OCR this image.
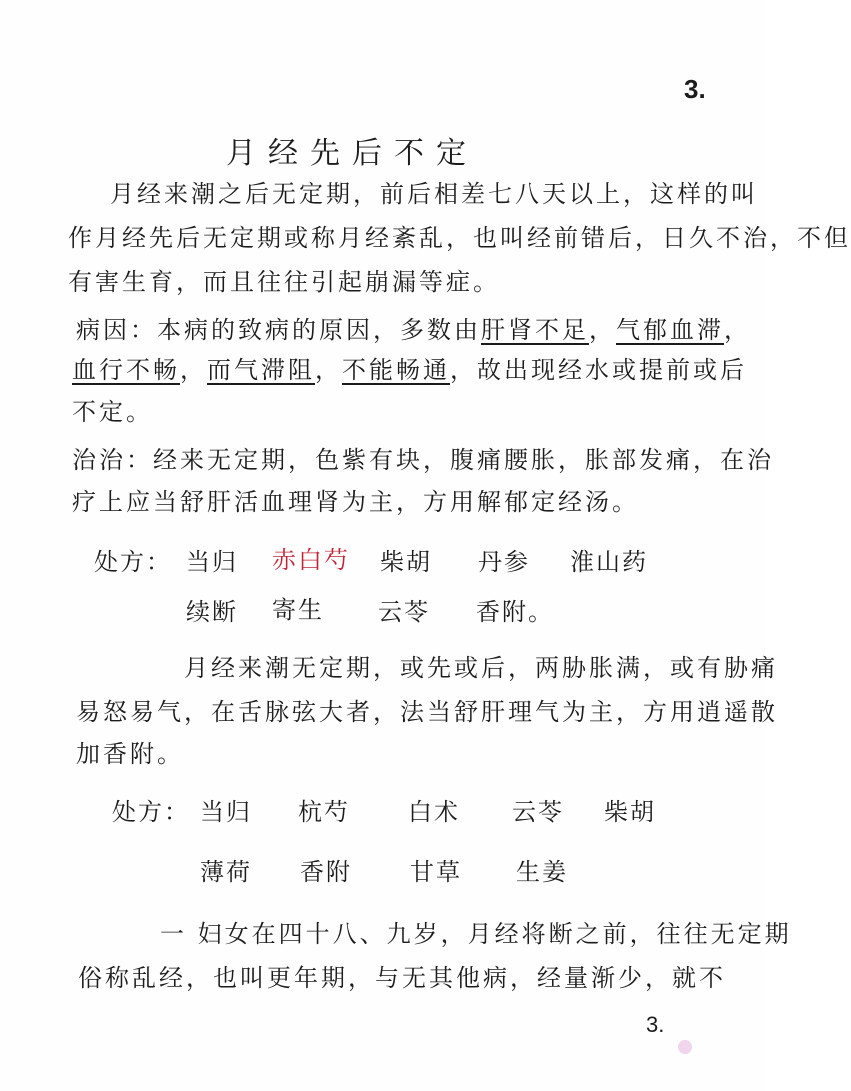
3.
月经先后不定
月经来潮之后无定期，前后相差七八天以上，这样的叫
作月经先后无定期或称月经紊乱，也叫经前错后，日久不治，不但
有害生育，而且往往引起崩漏等症。
病因：本病的致病的原因，多数由肝肾不足，气郁血滞，
血行不畅，而气滞阻，不能畅通，故出现经水或提前或后
不定。
治治：经来无定期，色紫有块，腹痛腰胀，胀部发痛，在治
疗上应当舒肝活血理肾为主，方用解郁定经汤。
处方： 当归 赤白芍 柴胡 丹参 淮山药
续断 寄生 云苓 香附。
月经来潮无定期，或先或后，两胁胀满，或有胁痛
易怒易气，在舌脉弦大者，法当舒肝理气为主，方用逍遥散
加香附。
处方： 当归 杭芍 白术 云苓 柴胡
薄荷 香附 甘草 生姜
一 妇女在四十八、九岁，月经将断之前，往往无定期
俗称乱经，也叫更年期，与无其他病，经量渐少，就不
3.
